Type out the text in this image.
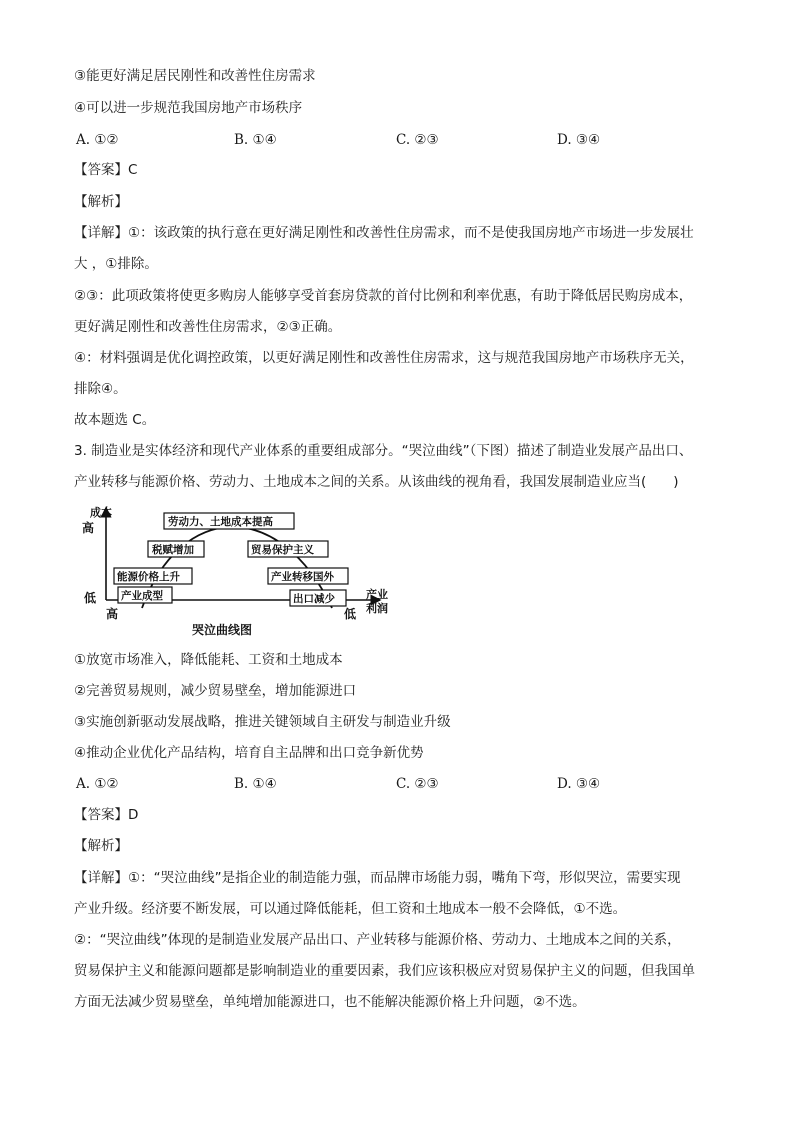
③能更好满足居民刚性和改善性住房需求
④可以进一步规范我国房地产市场秩序
A. ①②	B. ①④	C. ②③	D. ③④
【答案】C
【解析】
【详解】①：该政策的执行意在更好满足刚性和改善性住房需求，而不是使我国房地产市场进一步发展壮
大 ，①排除。
②③：此项政策将使更多购房人能够享受首套房贷款的首付比例和利率优惠，有助于降低居民购房成本，
更好满足刚性和改善性住房需求，②③正确。
④：材料强调是优化调控政策，以更好满足刚性和改善性住房需求，这与规范我国房地产市场秩序无关，
排除④。
故本题选 C。
3. 制造业是实体经济和现代产业体系的重要组成部分。“哭泣曲线”（下图）描述了制造业发展产品出口、
产业转移与能源价格、劳动力、土地成本之间的关系。从该曲线的视角看，我国发展制造业应当(　　)
成本
高
低
高	低
产业
利润
劳动力、土地成本提高
税赋增加	贸易保护主义
能源价格上升	产业转移国外
产业成型	出口减少
哭泣曲线图
①放宽市场准入，降低能耗、工资和土地成本
②完善贸易规则，减少贸易壁垒，增加能源进口
③实施创新驱动发展战略，推进关键领域自主研发与制造业升级
④推动企业优化产品结构，培育自主品牌和出口竞争新优势
A. ①②	B. ①④	C. ②③	D. ③④
【答案】D
【解析】
【详解】①：“哭泣曲线”是指企业的制造能力强，而品牌市场能力弱，嘴角下弯，形似哭泣，需要实现
产业升级。经济要不断发展，可以通过降低能耗，但工资和土地成本一般不会降低，①不选。
②：“哭泣曲线”体现的是制造业发展产品出口、产业转移与能源价格、劳动力、土地成本之间的关系，
贸易保护主义和能源问题都是影响制造业的重要因素，我们应该积极应对贸易保护主义的问题，但我国单
方面无法减少贸易壁垒，单纯增加能源进口，也不能解决能源价格上升问题，②不选。
